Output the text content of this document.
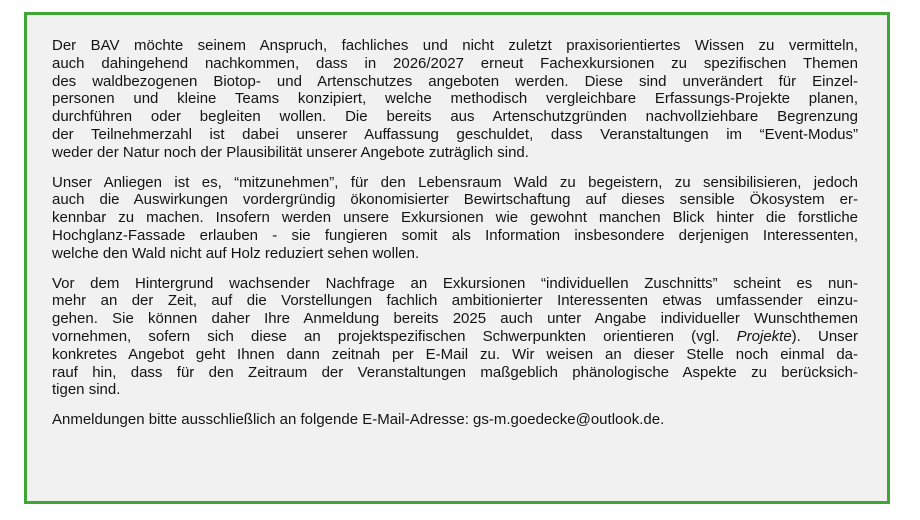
Der BAV möchte seinem Anspruch, fachliches und nicht zuletzt praxisorientiertes Wissen zu vermitteln,
auch dahingehend nachkommen, dass in 2026/2027 erneut Fachexkursionen zu spezifischen Themen
des waldbezogenen Biotop- und Artenschutzes angeboten werden. Diese sind unverändert für Einzel-
personen und kleine Teams konzipiert, welche methodisch vergleichbare Erfassungs-Projekte planen,
durchführen oder begleiten wollen. Die bereits aus Artenschutzgründen nachvollziehbare Begrenzung
der Teilnehmerzahl ist dabei unserer Auffassung geschuldet, dass Veranstaltungen im “Event-Modus”
weder der Natur noch der Plausibilität unserer Angebote zuträglich sind.

Unser Anliegen ist es, “mitzunehmen”, für den Lebensraum Wald zu begeistern, zu sensibilisieren, jedoch
auch die Auswirkungen vordergründig ökonomisierter Bewirtschaftung auf dieses sensible Ökosystem er-
kennbar zu machen. Insofern werden unsere Exkursionen wie gewohnt manchen Blick hinter die forstliche
Hochglanz-Fassade erlauben - sie fungieren somit als Information insbesondere derjenigen Interessenten,
welche den Wald nicht auf Holz reduziert sehen wollen.

Vor dem Hintergrund wachsender Nachfrage an Exkursionen “individuellen Zuschnitts” scheint es nun-
mehr an der Zeit, auf die Vorstellungen fachlich ambitionierter Interessenten etwas umfassender einzu-
gehen. Sie können daher Ihre Anmeldung bereits 2025 auch unter Angabe individueller Wunschthemen
vornehmen, sofern sich diese an projektspezifischen Schwerpunkten orientieren (vgl. Projekte). Unser
konkretes Angebot geht Ihnen dann zeitnah per E-Mail zu. Wir weisen an dieser Stelle noch einmal da-
rauf hin, dass für den Zeitraum der Veranstaltungen maßgeblich phänologische Aspekte zu berücksich-
tigen sind.

Anmeldungen bitte ausschließlich an folgende E-Mail-Adresse: gs-m.goedecke@outlook.de.
